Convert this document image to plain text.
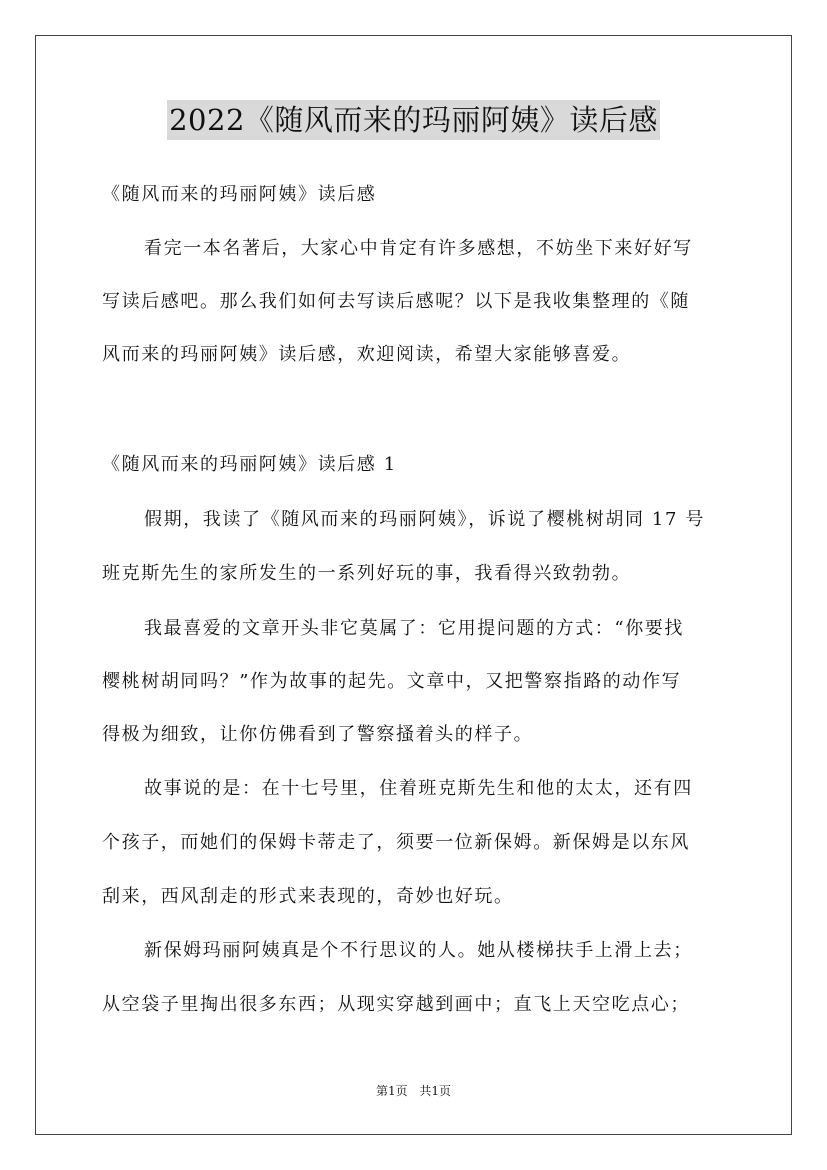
2022《随风而来的玛丽阿姨》读后感
《随风而来的玛丽阿姨》读后感
看完一本名著后，大家心中肯定有许多感想，不妨坐下来好好写
写读后感吧。那么我们如何去写读后感呢？以下是我收集整理的《随
风而来的玛丽阿姨》读后感，欢迎阅读，希望大家能够喜爱。
《随风而来的玛丽阿姨》读后感 1
假期，我读了《随风而来的玛丽阿姨》，诉说了樱桃树胡同 17 号
班克斯先生的家所发生的一系列好玩的事，我看得兴致勃勃。
我最喜爱的文章开头非它莫属了：它用提问题的方式：“你要找
樱桃树胡同吗？”作为故事的起先。文章中，又把警察指路的动作写
得极为细致，让你仿佛看到了警察搔着头的样子。
故事说的是：在十七号里，住着班克斯先生和他的太太，还有四
个孩子，而她们的保姆卡蒂走了，须要一位新保姆。新保姆是以东风
刮来，西风刮走的形式来表现的，奇妙也好玩。
新保姆玛丽阿姨真是个不行思议的人。她从楼梯扶手上滑上去；
从空袋子里掏出很多东西；从现实穿越到画中；直飞上天空吃点心；
第1页 共1页
